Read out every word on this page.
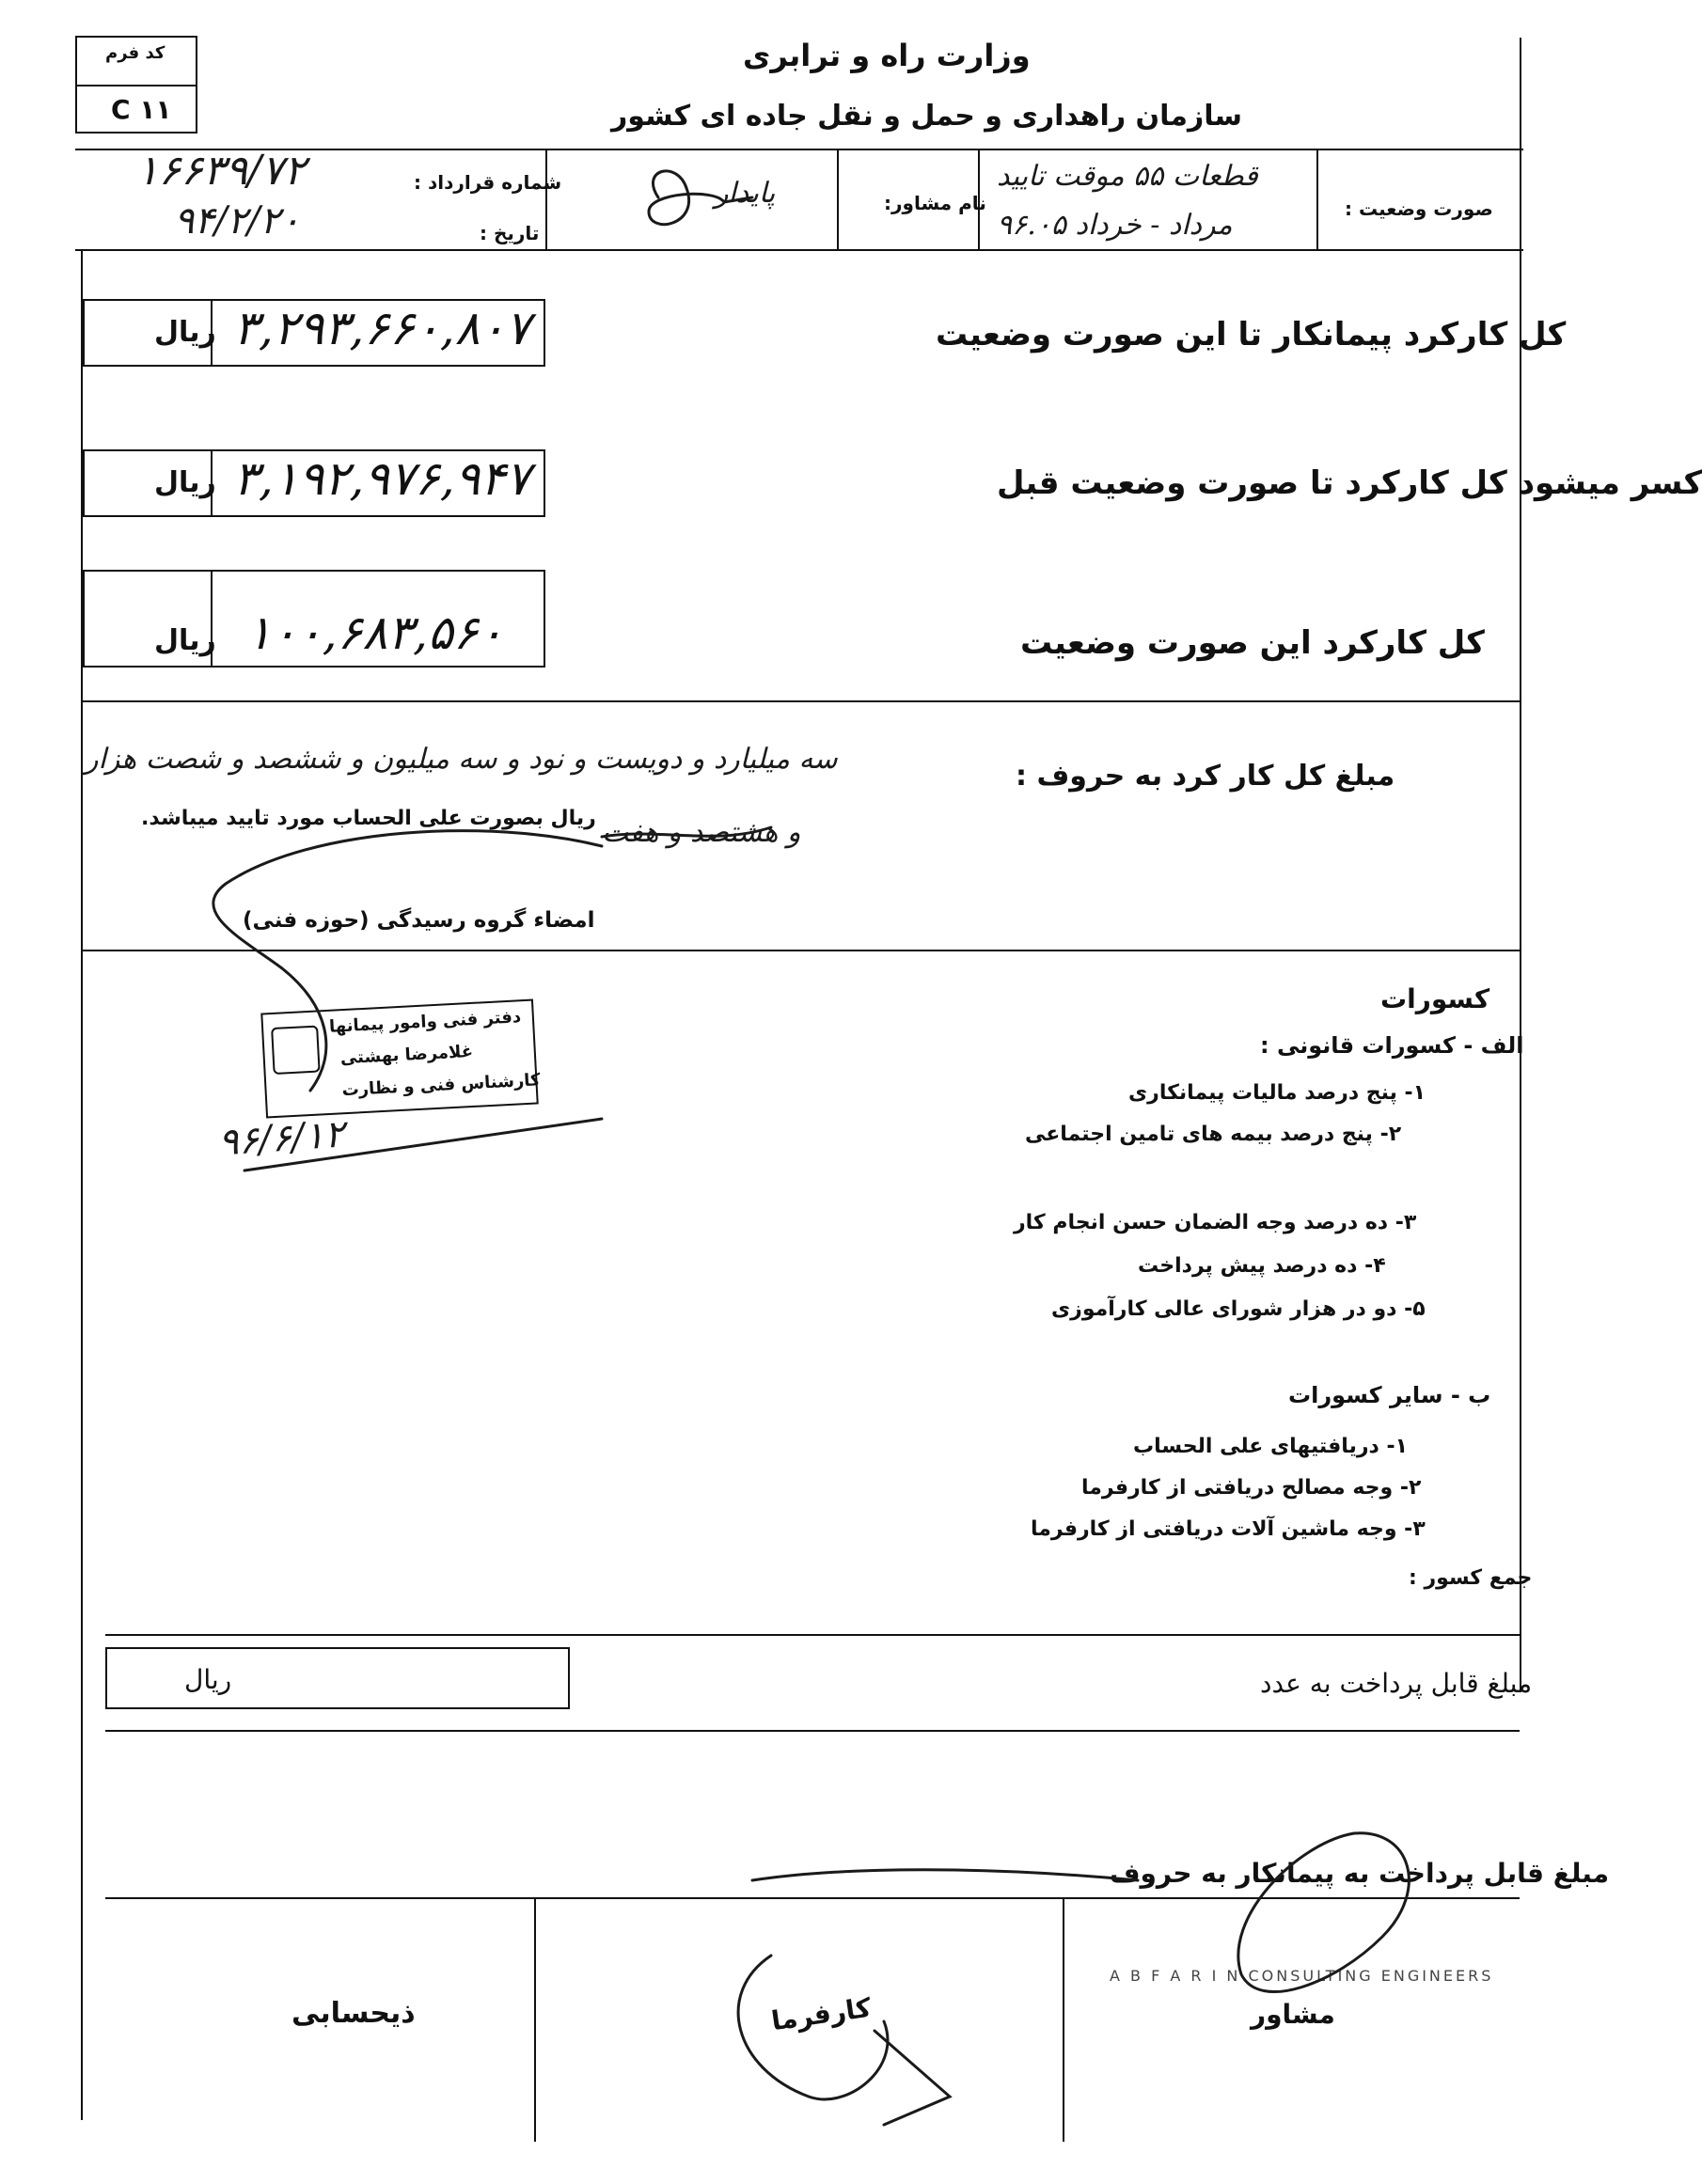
کد فرم
C ۱۱
وزارت راه و ترابری
سازمان راهداری و حمل و نقل جاده ای کشور
۱۶۶۳۹/۷۲	شماره قرارداد :
۹۴/۲/۲۰	تاریخ :
پایدار	نام مشاور:
قطعات ۵۵ موقت تایید
۹۶.۰۵ مرداد - خرداد	صورت وضعیت :
ریال ۳,۲۹۳,۶۶۰,۸۰۷	کل کارکرد پیمانکار تا این صورت وضعیت
ریال ۳,۱۹۲,۹۷۶,۹۴۷	کسر میشود کل کارکرد تا صورت وضعیت قبل
ریال ۱۰۰,۶۸۳,۵۶۰	کل کارکرد این صورت وضعیت
مبلغ کل کار کرد به حروف :
سه میلیارد و دویست و نود و سه میلیون و ششصد و شصت هزار
و هشتصد و هفت
ریال بصورت علی الحساب مورد تایید میباشد.
امضاء گروه رسیدگی (حوزه فنی)
دفتر فنی وامور پیمانها
غلامرضا بهشتی
کارشناس فنی و نظارت
۹۶/۶/۱۲
کسورات
الف - کسورات قانونی :
۱- پنج درصد مالیات پیمانکاری
۲- پنج درصد بیمه های تامین اجتماعی
۳- ده درصد وجه الضمان حسن انجام کار
۴- ده درصد پیش پرداخت
۵- دو در هزار شورای عالی کارآموزی
ب - سایر کسورات
۱- دریافتیهای علی الحساب
۲- وجه مصالح دریافتی از کارفرما
۳- وجه ماشین آلات دریافتی از کارفرما
جمع کسور :
ریال	مبلغ قابل پرداخت به عدد
مبلغ قابل پرداخت به پیمانکار به حروف
ذیحسابی	کارفرما	مشاور
A B F A R I N CONSULTING ENGINEERS
